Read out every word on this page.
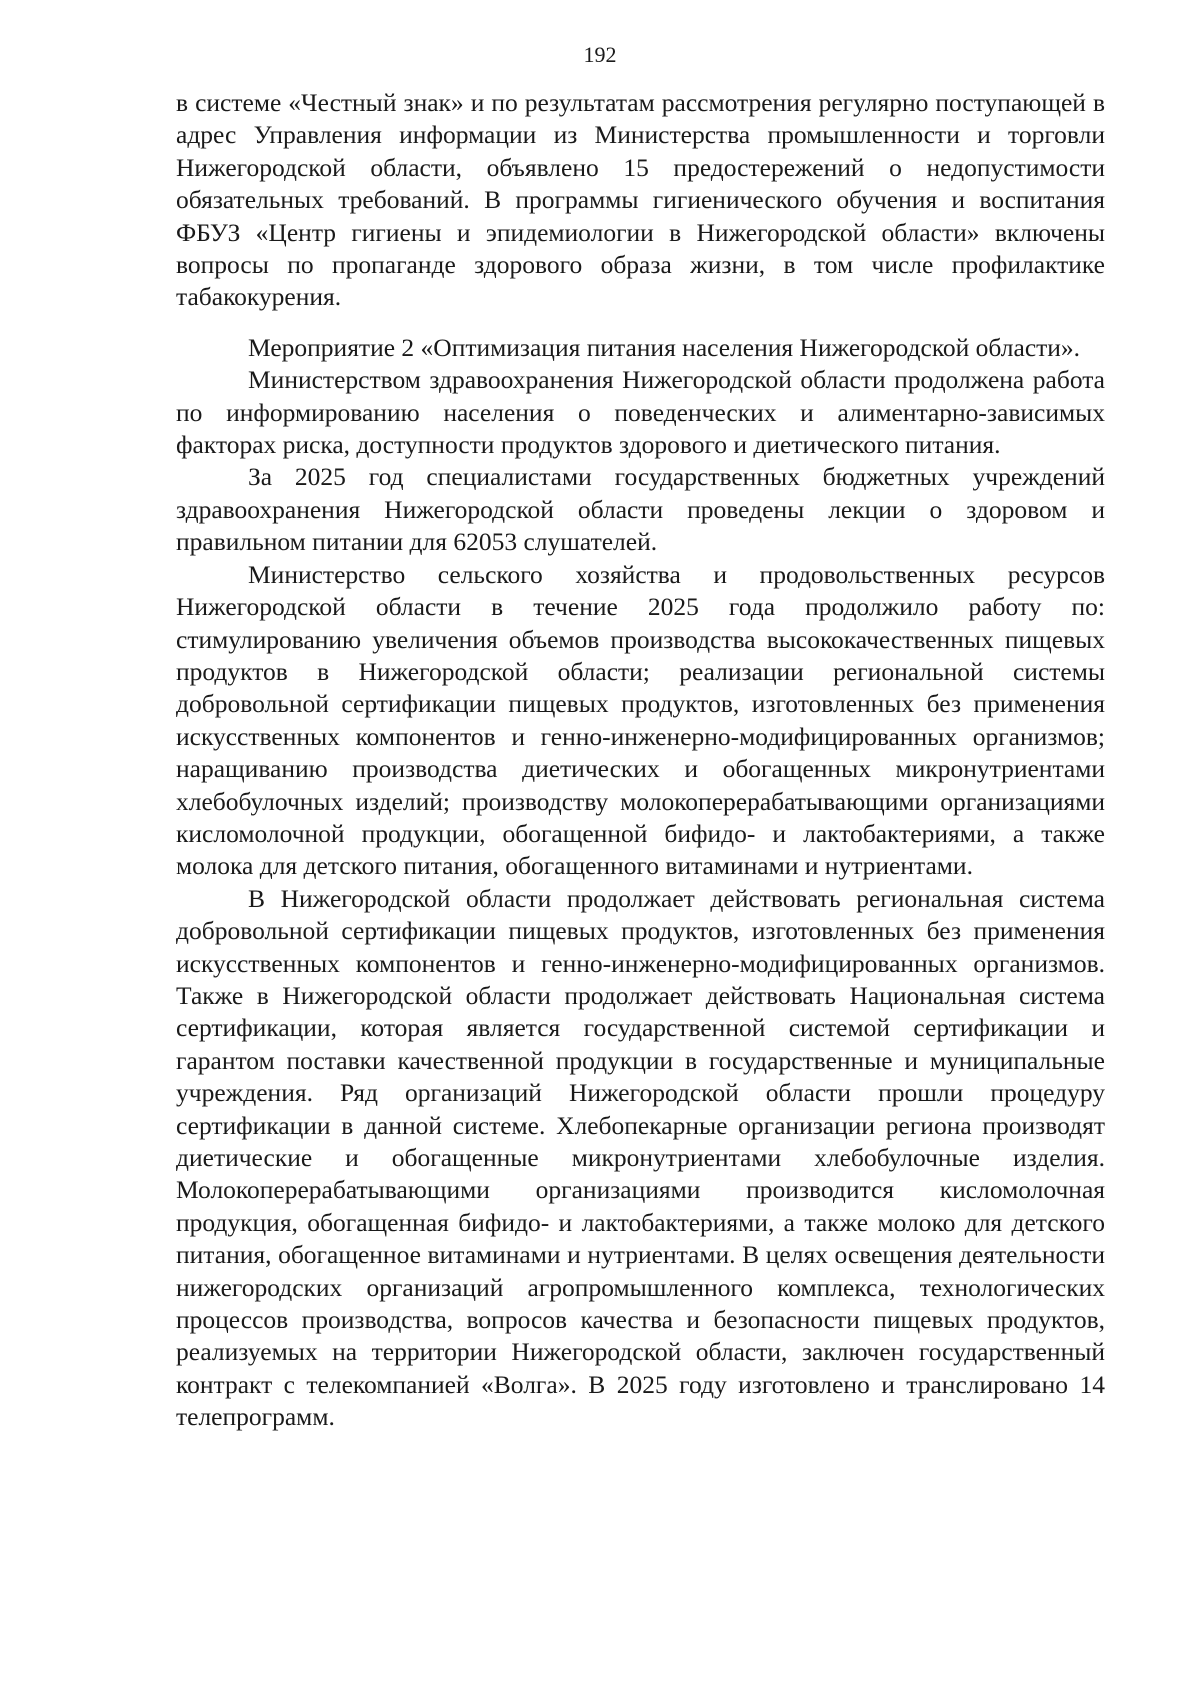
192

в системе «Честный знак» и по результатам рассмотрения регулярно поступающей в адрес Управления информации из Министерства промышленности и торговли Нижегородской области, объявлено 15 предостережений о недопустимости обязательных требований. В программы гигиенического обучения и воспитания ФБУЗ «Центр гигиены и эпидемиологии в Нижегородской области» включены вопросы по пропаганде здорового образа жизни, в том числе профилактике табакокурения.

Мероприятие 2 «Оптимизация питания населения Нижегородской области».

Министерством здравоохранения Нижегородской области продолжена работа по информированию населения о поведенческих и алиментарно-зависимых факторах риска, доступности продуктов здорового и диетического питания.

За 2025 год специалистами государственных бюджетных учреждений здравоохранения Нижегородской области проведены лекции о здоровом и правильном питании для 62053 слушателей.

Министерство сельского хозяйства и продовольственных ресурсов Нижегородской области в течение 2025 года продолжило работу по: стимулированию увеличения объемов производства высококачественных пищевых продуктов в Нижегородской области; реализации региональной системы добровольной сертификации пищевых продуктов, изготовленных без применения искусственных компонентов и генно-инженерно-модифицированных организмов; наращиванию производства диетических и обогащенных микронутриентами хлебобулочных изделий; производству молокоперерабатывающими организациями кисломолочной продукции, обогащенной бифидо- и лактобактериями, а также молока для детского питания, обогащенного витаминами и нутриентами.

В Нижегородской области продолжает действовать региональная система добровольной сертификации пищевых продуктов, изготовленных без применения искусственных компонентов и генно-инженерно-модифицированных организмов. Также в Нижегородской области продолжает действовать Национальная система сертификации, которая является государственной системой сертификации и гарантом поставки качественной продукции в государственные и муниципальные учреждения. Ряд организаций Нижегородской области прошли процедуру сертификации в данной системе. Хлебопекарные организации региона производят диетические и обогащенные микронутриентами хлебобулочные изделия. Молокоперерабатывающими организациями производится кисломолочная продукция, обогащенная бифидо- и лактобактериями, а также молоко для детского питания, обогащенное витаминами и нутриентами. В целях освещения деятельности нижегородских организаций агропромышленного комплекса, технологических процессов производства, вопросов качества и безопасности пищевых продуктов, реализуемых на территории Нижегородской области, заключен государственный контракт с телекомпанией «Волга». В 2025 году изготовлено и транслировано 14 телепрограмм.
